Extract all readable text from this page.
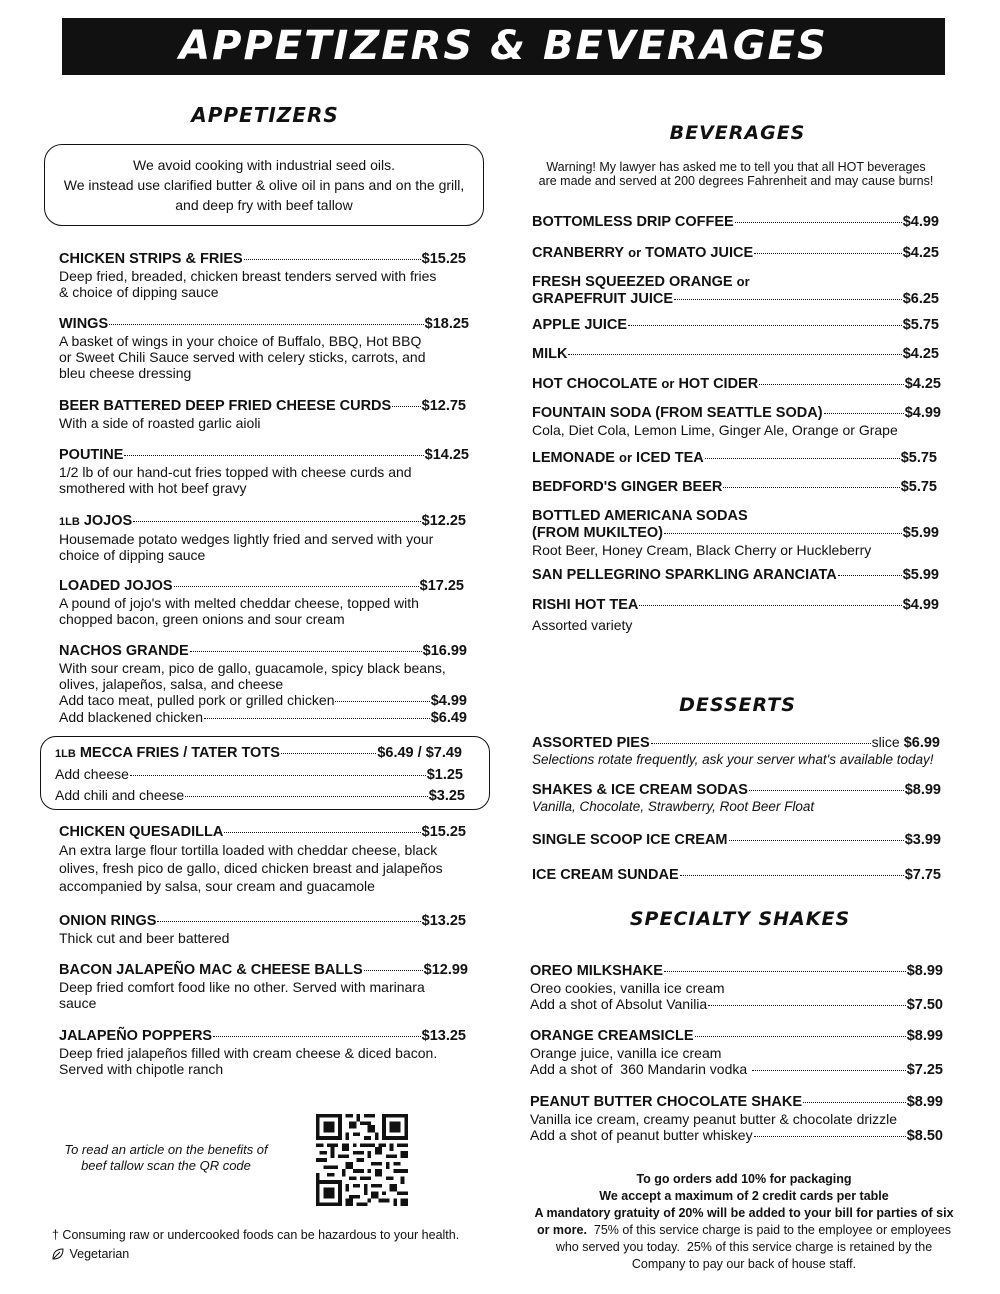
APPETIZERS & BEVERAGES
APPETIZERS
BEVERAGES
DESSERTS
SPECIALTY SHAKES
We avoid cooking with industrial seed oils.
We instead use clarified butter & olive oil in pans and on the grill,
and deep fry with beef tallow
CHICKEN STRIPS & FRIES	$15.25
Deep fried, breaded, chicken breast tenders served with fries
& choice of dipping sauce
WINGS	$18.25
A basket of wings in your choice of Buffalo, BBQ, Hot BBQ
or Sweet Chili Sauce served with celery sticks, carrots, and
bleu cheese dressing
BEER BATTERED DEEP FRIED CHEESE CURDS $12.75
With a side of roasted garlic aioli
POUTINE	$14.25
1/2 lb of our hand-cut fries topped with cheese curds and
smothered with hot beef gravy
1LB
JOJOS	$12.25
Housemade potato wedges lightly fried and served with your
choice of dipping sauce
LOADED JOJOS	$17.25
A pound of jojo's with melted cheddar cheese, topped with
chopped bacon, green onions and sour cream
NACHOS GRANDE	$16.99
With sour cream, pico de gallo, guacamole, spicy black beans,
olives, jalapeños, salsa, and cheese
Add taco meat, pulled pork or grilled chicken	$4.99
Add blackened chicken	$6.49
1LB
MECCA FRIES / TATER TOTS	$6.49 / $7.49
Add cheese	$1.25
Add chili and cheese	$3.25
CHICKEN QUESADILLA	$15.25
An extra large flour tortilla loaded with cheddar cheese, black
olives, fresh pico de gallo, diced chicken breast and jalapeños
accompanied by salsa, sour cream and guacamole
ONION RINGS	$13.25
Thick cut and beer battered
BACON JALAPEÑO MAC & CHEESE BALLS	$12.99
Deep fried comfort food like no other. Served with marinara
sauce
JALAPEÑO POPPERS	$13.25
Deep fried jalapeños filled with cream cheese & diced bacon.
Served with chipotle ranch
To read an article on the benefits of
beef tallow scan the QR code
† Consuming raw or undercooked foods can be hazardous to your health.
Vegetarian
Warning! My lawyer has asked me to tell you that all HOT beverages
are made and served at 200 degrees Fahrenheit and may cause burns!
BOTTOMLESS DRIP COFFEE	$4.99
CRANBERRY
or
TOMATO JUICE	$4.25
FRESH SQUEEZED ORANGE
or
GRAPEFRUIT JUICE	$6.25
APPLE JUICE	$5.75
MILK	$4.25
HOT CHOCOLATE
or
HOT CIDER	$4.25
FOUNTAIN SODA (FROM SEATTLE SODA)	$4.99
Cola, Diet Cola, Lemon Lime, Ginger Ale, Orange or Grape
LEMONADE
or
ICED TEA	$5.75
BEDFORD'S GINGER BEER	$5.75
BOTTLED AMERICANA SODAS
(FROM MUKILTEO)	$5.99
Root Beer, Honey Cream, Black Cherry or Huckleberry
SAN PELLEGRINO SPARKLING ARANCIATA	$5.99
RISHI HOT TEA	$4.99
Assorted variety
ASSORTED PIES	slice
$6.99
Selections rotate frequently, ask your server what's available today!
SHAKES & ICE CREAM SODAS	$8.99
Vanilla, Chocolate, Strawberry, Root Beer Float
SINGLE SCOOP ICE CREAM	$3.99
ICE CREAM SUNDAE	$7.75
OREO MILKSHAKE	$8.99
Oreo cookies, vanilla ice cream
Add a shot of Absolut Vanilia	$7.50
ORANGE CREAMSICLE	$8.99
Orange juice, vanilla ice cream
Add a shot of  360 Mandarin vodka	$7.25
PEANUT BUTTER CHOCOLATE SHAKE	$8.99
Vanilla ice cream, creamy peanut butter & chocolate drizzle
Add a shot of peanut butter whiskey	$8.50
To go orders add 10% for packaging
We accept a maximum of 2 credit cards per table
A mandatory gratuity of 20% will be added to your bill for parties of six or more.  75% of this service charge is paid to the employee or employees who served you today.  25% of this service charge is retained by the Company to pay our back of house staff.
